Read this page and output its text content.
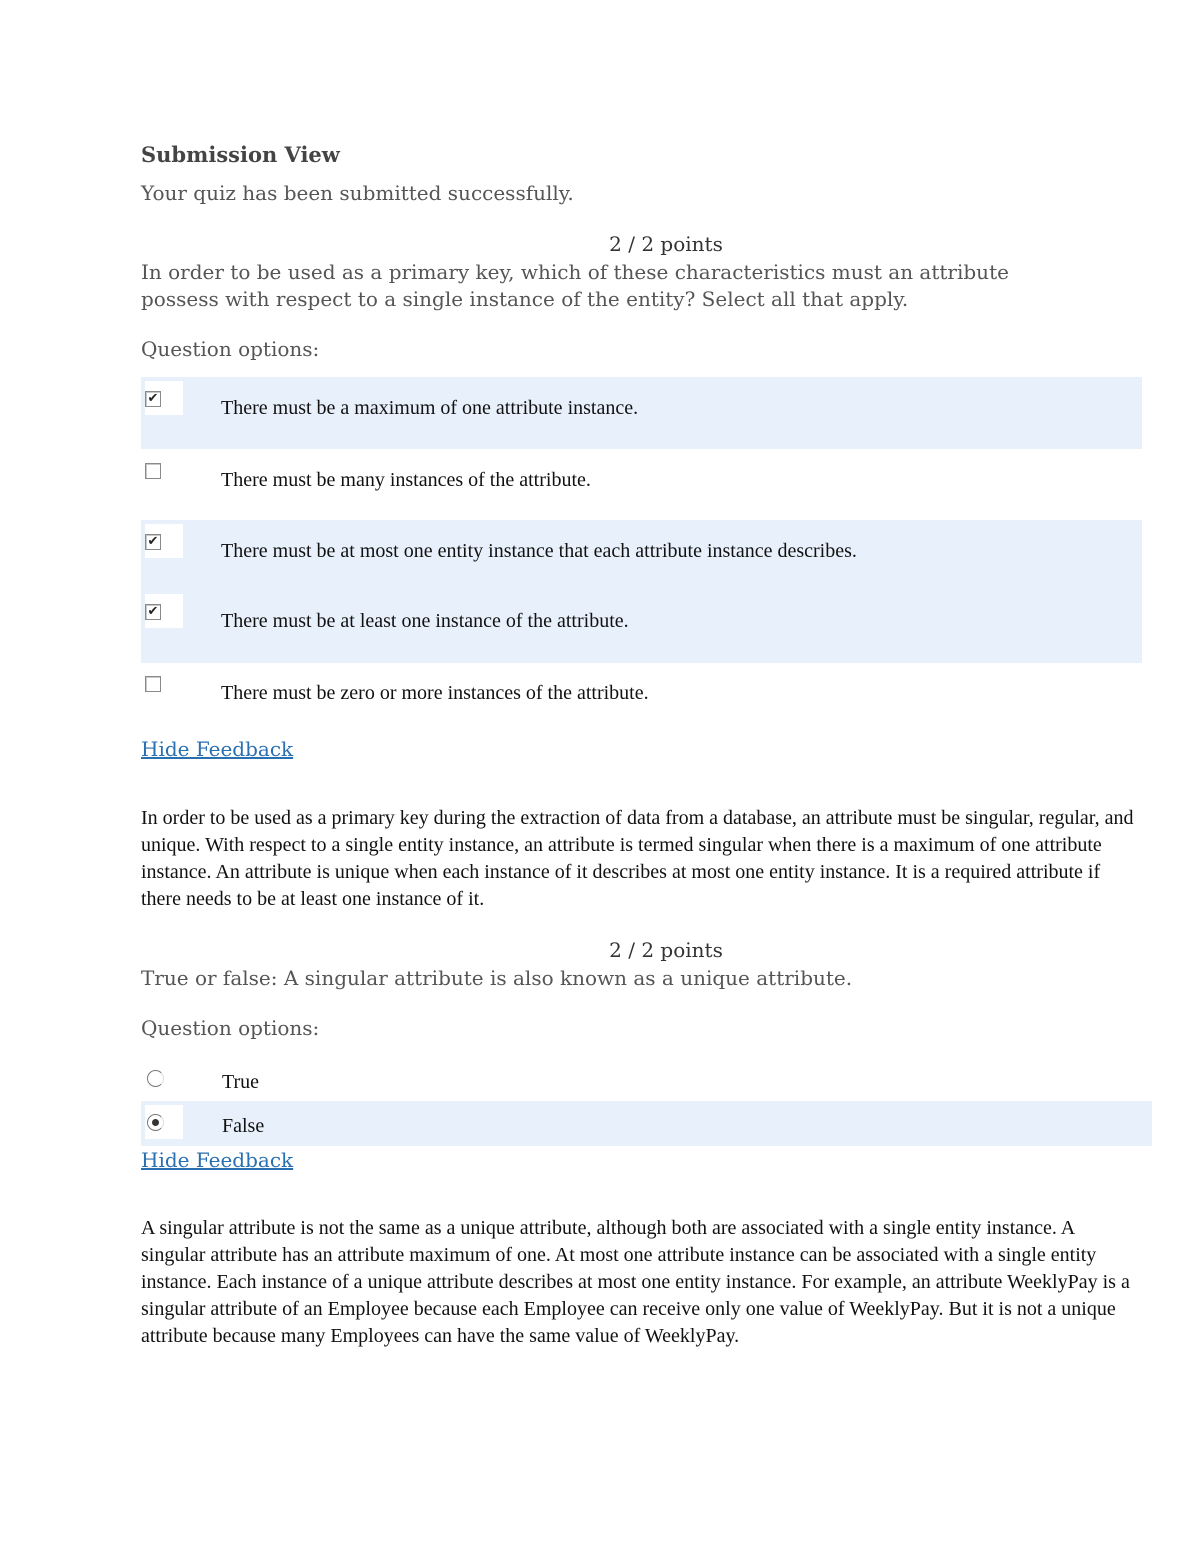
Submission View
Your quiz has been submitted successfully.
2 / 2 points
In order to be used as a primary key, which of these characteristics must an attribute possess with respect to a single instance of the entity? Select all that apply.
Question options:
✔	There must be a maximum of one attribute instance.
There must be many instances of the attribute.
✔	There must be at most one entity instance that each attribute instance describes.
✔	There must be at least one instance of the attribute.
There must be zero or more instances of the attribute.
Hide Feedback
In order to be used as a primary key during the extraction of data from a database, an attribute must be singular, regular, and unique. With respect to a single entity instance, an attribute is termed singular when there is a maximum of one attribute instance. An attribute is unique when each instance of it describes at most one entity instance. It is a required attribute if there needs to be at least one instance of it.
2 / 2 points
True or false: A singular attribute is also known as a unique attribute.
Question options:
True
False
Hide Feedback
A singular attribute is not the same as a unique attribute, although both are associated with a single entity instance. A singular attribute has an attribute maximum of one. At most one attribute instance can be associated with a single entity instance. Each instance of a unique attribute describes at most one entity instance. For example, an attribute WeeklyPay is a singular attribute of an Employee because each Employee can receive only one value of WeeklyPay. But it is not a unique attribute because many Employees can have the same value of WeeklyPay.
